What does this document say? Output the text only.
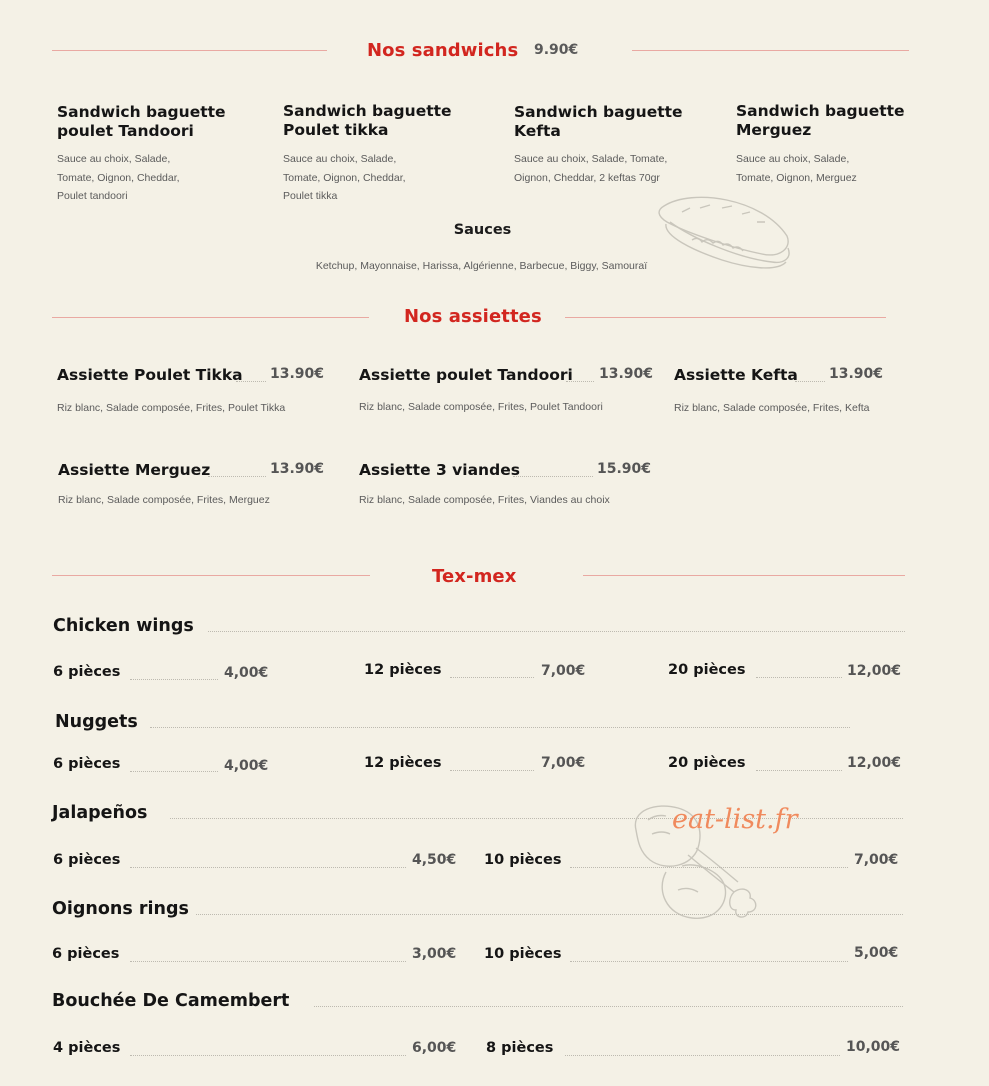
Nos sandwichs 9.90€
Sandwich baguette poulet Tandoori
Sauce au choix, Salade, Tomate, Oignon, Cheddar, Poulet tandoori
Sandwich baguette Poulet tikka
Sauce au choix, Salade, Tomate, Oignon, Cheddar, Poulet tikka
Sandwich baguette Kefta
Sauce au choix, Salade, Tomate, Oignon, Cheddar, 2 keftas 70gr
Sandwich baguette Merguez
Sauce au choix, Salade, Tomate, Oignon, Merguez
Sauces
Ketchup, Mayonnaise, Harissa, Algérienne, Barbecue, Biggy, Samouraï
Nos assiettes
Assiette Poulet Tikka 13.90€
Riz blanc, Salade composée, Frites, Poulet Tikka
Assiette poulet Tandoori 13.90€
Riz blanc, Salade composée, Frites, Poulet Tandoori
Assiette Kefta 13.90€
Riz blanc, Salade composée, Frites, Kefta
Assiette Merguez	13.90€
Riz blanc, Salade composée, Frites, Merguez
Assiette 3 viandes	15.90€
Riz blanc, Salade composée, Frites, Viandes au choix
Tex-mex
Chicken wings
6 pièces	4,00€	12 pièces	7,00€	20 pièces	12,00€
Nuggets
6 pièces	4,00€	12 pièces	7,00€	20 pièces	12,00€
Jalapeños
6 pièces	4,50€ 10 pièces	7,00€
Oignons rings
6 pièces	3,00€ 10 pièces	5,00€
Bouchée De Camembert
4 pièces	6,00€ 8 pièces	10,00€
eat-list.fr
